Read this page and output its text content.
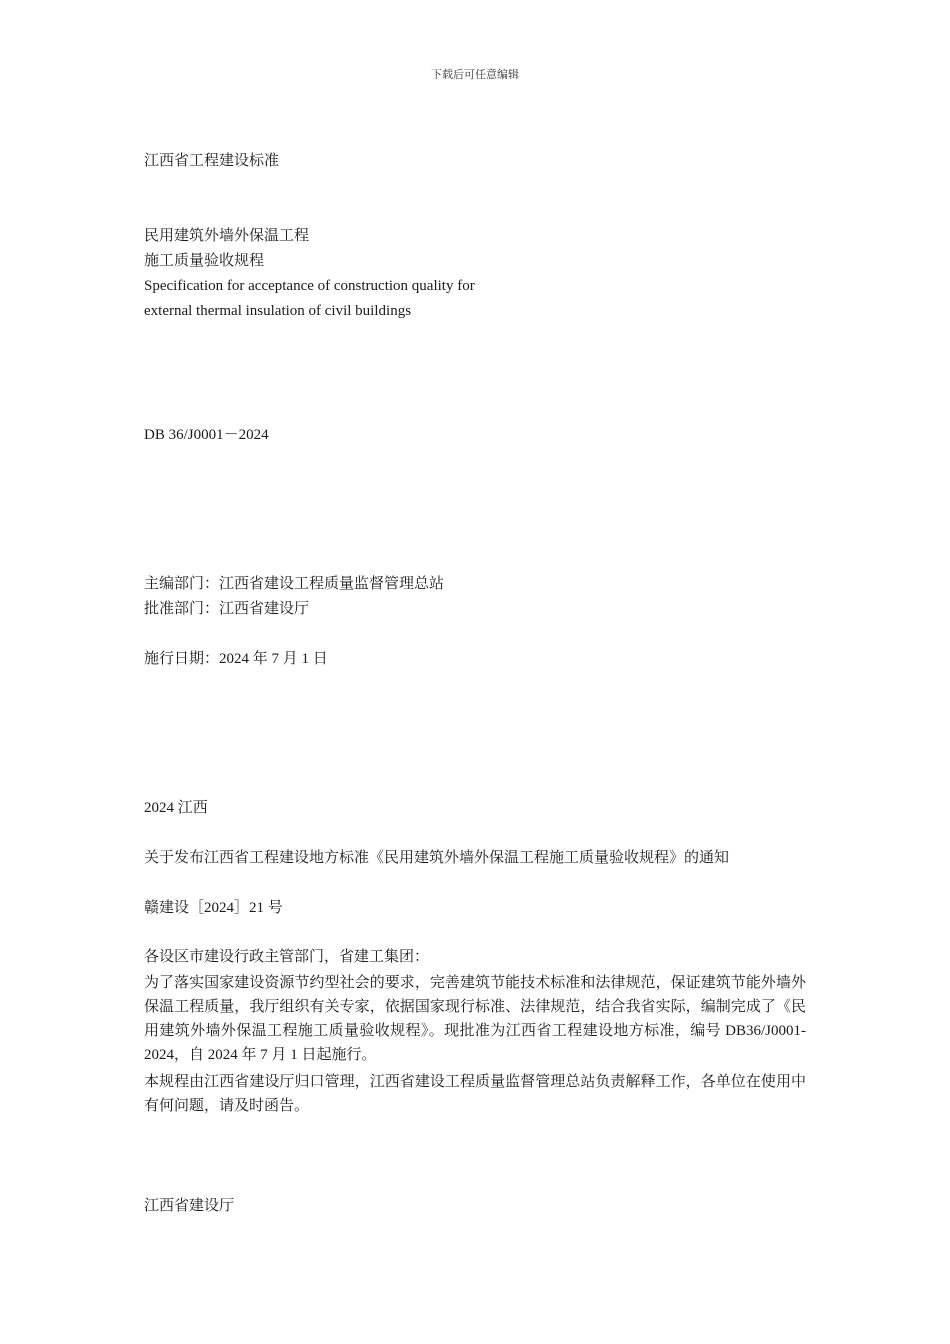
下载后可任意编辑
江西省工程建设标准
民用建筑外墙外保温工程
施工质量验收规程
Specification for acceptance of construction quality for
external thermal insulation of civil buildings
DB 36/J0001－2024
主编部门：江西省建设工程质量监督管理总站
批准部门：江西省建设厅
施行日期：2024 年 7 月 1 日
2024 江西
关于发布江西省工程建设地方标准《民用建筑外墙外保温工程施工质量验收规程》的通知
赣建设［2024］21 号
各设区市建设行政主管部门，省建工集团：
为了落实国家建设资源节约型社会的要求，完善建筑节能技术标准和法律规范，保证建筑节能外墙外保温工程质量，我厅组织有关专家，依据国家现行标准、法律规范，结合我省实际，编制完成了《民用建筑外墙外保温工程施工质量验收规程》。现批准为江西省工程建设地方标准，编号 DB36/J0001-2024，自 2024 年 7 月 1 日起施行。
本规程由江西省建设厅归口管理，江西省建设工程质量监督管理总站负责解释工作，各单位在使用中有何问题，请及时函告。
江西省建设厅
